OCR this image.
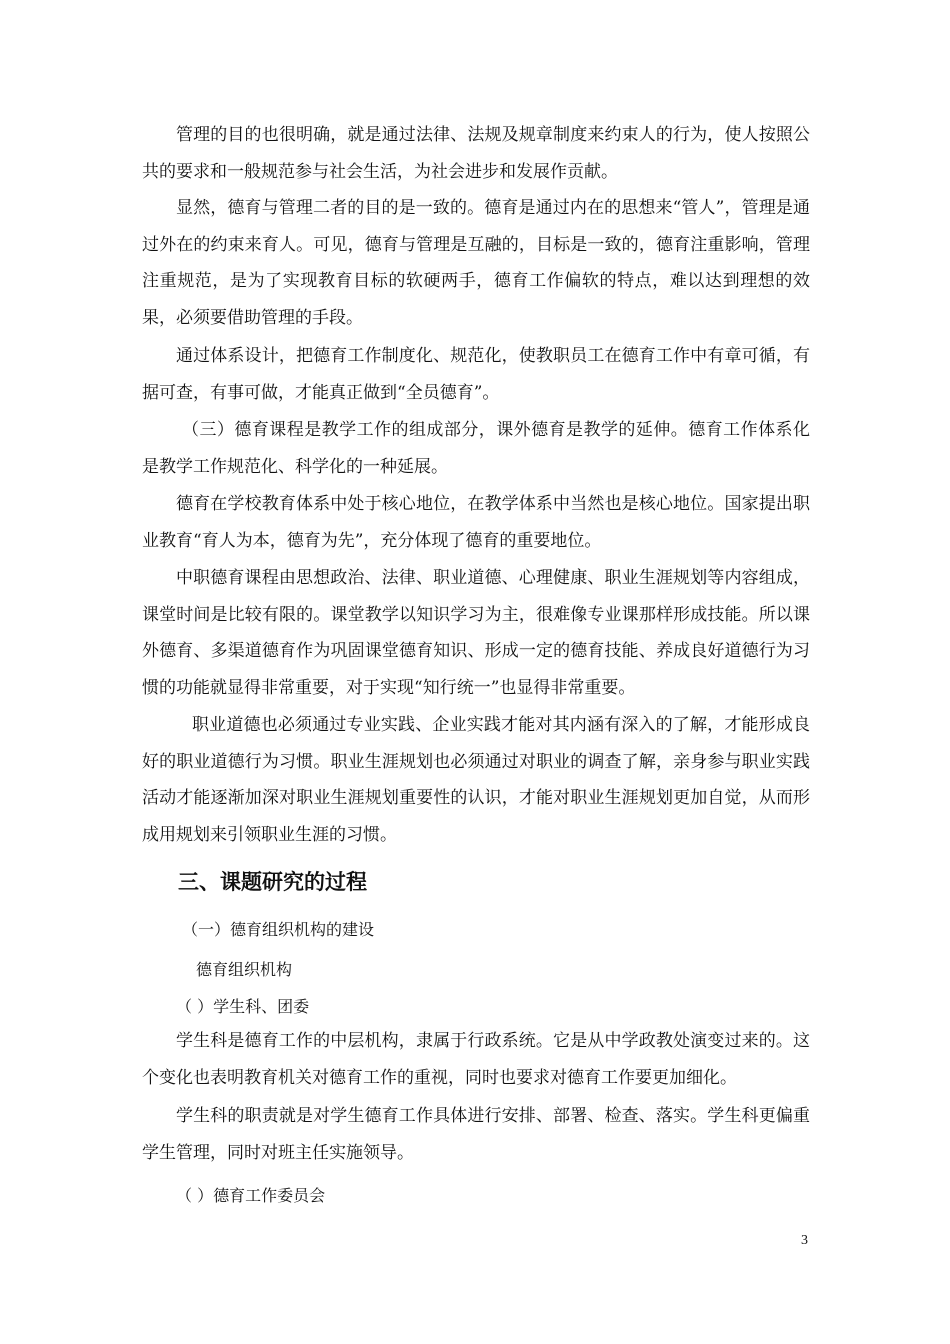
管理的目的也很明确，就是通过法律、法规及规章制度来约束人的行为，使人按照公共的要求和一般规范参与社会生活，为社会进步和发展作贡献。

显然，德育与管理二者的目的是一致的。德育是通过内在的思想来“管人”，管理是通过外在的约束来育人。可见，德育与管理是互融的，目标是一致的，德育注重影响，管理注重规范，是为了实现教育目标的软硬两手，德育工作偏软的特点，难以达到理想的效果，必须要借助管理的手段。

通过体系设计，把德育工作制度化、规范化，使教职员工在德育工作中有章可循，有据可查，有事可做，才能真正做到“全员德育”。

（三）德育课程是教学工作的组成部分，课外德育是教学的延伸。德育工作体系化是教学工作规范化、科学化的一种延展。

德育在学校教育体系中处于核心地位，在教学体系中当然也是核心地位。国家提出职业教育“育人为本，德育为先”，充分体现了德育的重要地位。

中职德育课程由思想政治、法律、职业道德、心理健康、职业生涯规划等内容组成，课堂时间是比较有限的。课堂教学以知识学习为主，很难像专业课那样形成技能。所以课外德育、多渠道德育作为巩固课堂德育知识、形成一定的德育技能、养成良好道德行为习惯的功能就显得非常重要，对于实现“知行统一”也显得非常重要。

职业道德也必须通过专业实践、企业实践才能对其内涵有深入的了解，才能形成良好的职业道德行为习惯。职业生涯规划也必须通过对职业的调查了解，亲身参与职业实践活动才能逐渐加深对职业生涯规划重要性的认识，才能对职业生涯规划更加自觉，从而形成用规划来引领职业生涯的习惯。

三、课题研究的过程

（一）德育组织机构的建设

德育组织机构

（ ）学生科、团委

学生科是德育工作的中层机构，隶属于行政系统。它是从中学政教处演变过来的。这个变化也表明教育机关对德育工作的重视，同时也要求对德育工作要更加细化。

学生科的职责就是对学生德育工作具体进行安排、部署、检查、落实。学生科更偏重学生管理，同时对班主任实施领导。

（ ）德育工作委员会

3
